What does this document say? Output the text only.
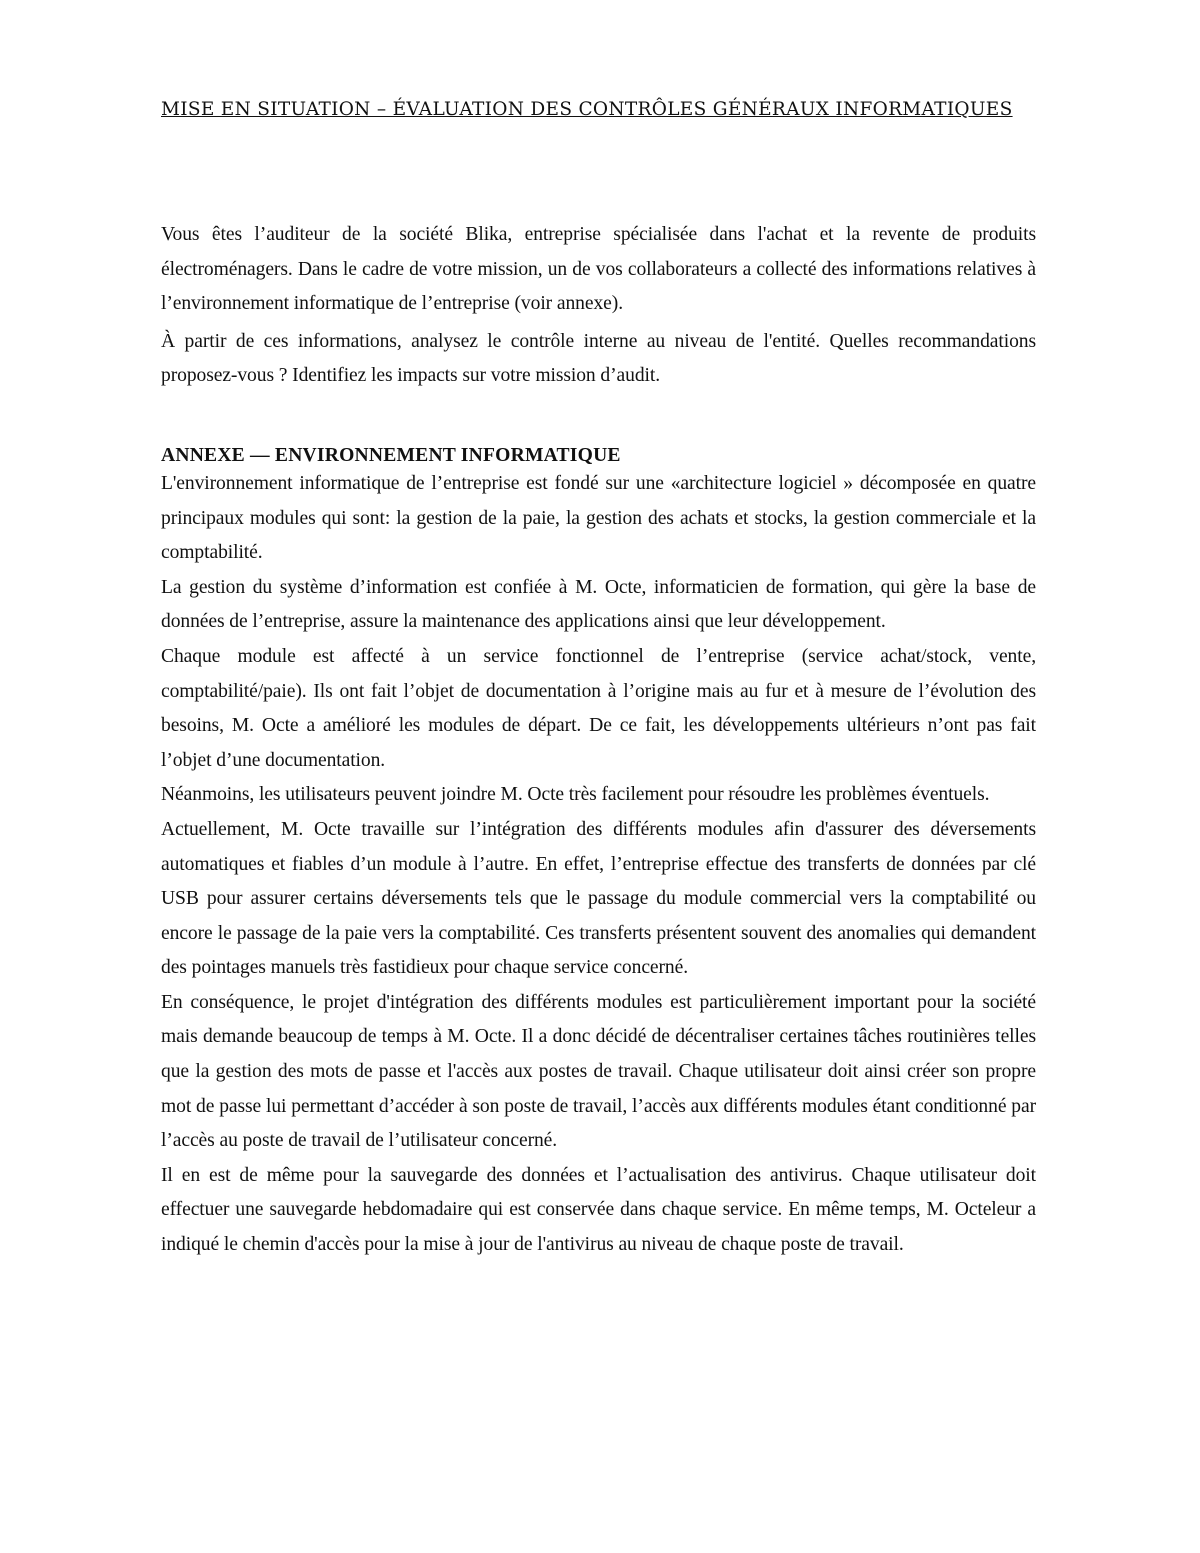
MISE EN SITUATION – ÉVALUATION DES CONTRÔLES GÉNÉRAUX INFORMATIQUES

Vous êtes l’auditeur de la société Blika, entreprise spécialisée dans l'achat et la revente de produits électroménagers. Dans le cadre de votre mission, un de vos collaborateurs a collecté des informations relatives à l’environnement informatique de l’entreprise (voir annexe).

À partir de ces informations, analysez le contrôle interne au niveau de l'entité. Quelles recommandations proposez-vous ? Identifiez les impacts sur votre mission d’audit.

ANNEXE — ENVIRONNEMENT INFORMATIQUE

L'environnement informatique de l’entreprise est fondé sur une «architecture logiciel » décomposée en quatre principaux modules qui sont: la gestion de la paie, la gestion des achats et stocks, la gestion commerciale et la comptabilité.

La gestion du système d’information est confiée à M. Octe, informaticien de formation, qui gère la base de données de l’entreprise, assure la maintenance des applications ainsi que leur développement.

Chaque module est affecté à un service fonctionnel de l’entreprise (service achat/stock, vente, comptabilité/paie). Ils ont fait l’objet de documentation à l’origine mais au fur et à mesure de l’évolution des besoins, M. Octe a amélioré les modules de départ. De ce fait, les développements ultérieurs n’ont pas fait l’objet d’une documentation.

Néanmoins, les utilisateurs peuvent joindre M. Octe très facilement pour résoudre les problèmes éventuels.

Actuellement, M. Octe travaille sur l’intégration des différents modules afin d'assurer des déversements automatiques et fiables d’un module à l’autre. En effet, l’entreprise effectue des transferts de données par clé USB pour assurer certains déversements tels que le passage du module commercial vers la comptabilité ou encore le passage de la paie vers la comptabilité. Ces transferts présentent souvent des anomalies qui demandent des pointages manuels très fastidieux pour chaque service concerné.

En conséquence, le projet d'intégration des différents modules est particulièrement important pour la société mais demande beaucoup de temps à M. Octe. Il a donc décidé de décentraliser certaines tâches routinières telles que la gestion des mots de passe et l'accès aux postes de travail. Chaque utilisateur doit ainsi créer son propre mot de passe lui permettant d’accéder à son poste de travail, l’accès aux différents modules étant conditionné par l’accès au poste de travail de l’utilisateur concerné.

Il en est de même pour la sauvegarde des données et l’actualisation des antivirus. Chaque utilisateur doit effectuer une sauvegarde hebdomadaire qui est conservée dans chaque service. En même temps, M. Octeleur a indiqué le chemin d'accès pour la mise à jour de l'antivirus au niveau de chaque poste de travail.
